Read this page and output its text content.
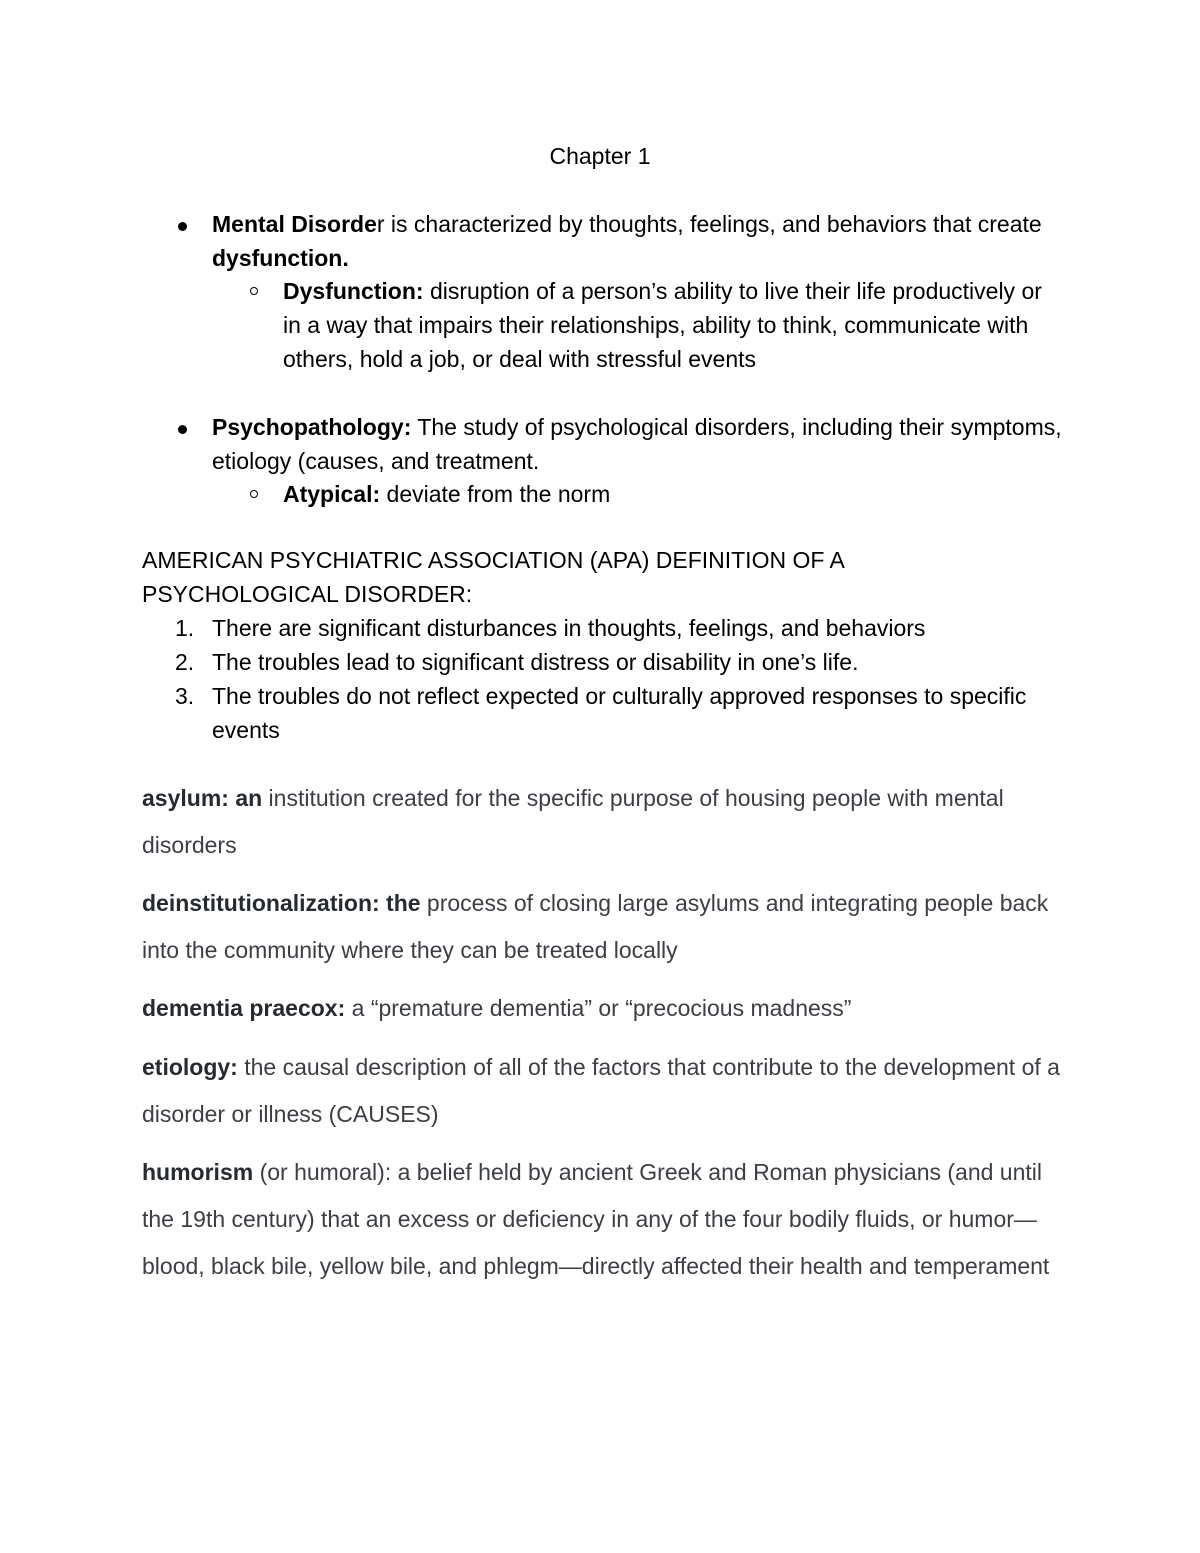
Chapter 1
Mental Disorder is characterized by thoughts, feelings, and behaviors that create dysfunction.
Dysfunction: disruption of a person’s ability to live their life productively or in a way that impairs their relationships, ability to think, communicate with others, hold a job, or deal with stressful events
Psychopathology: The study of psychological disorders, including their symptoms, etiology (causes, and treatment.
Atypical: deviate from the norm
AMERICAN PSYCHIATRIC ASSOCIATION (APA) DEFINITION OF A PSYCHOLOGICAL DISORDER:
1. There are significant disturbances in thoughts, feelings, and behaviors
2. The troubles lead to significant distress or disability in one’s life.
3. The troubles do not reflect expected or culturally approved responses to specific events
asylum: an institution created for the specific purpose of housing people with mental disorders
deinstitutionalization: the process of closing large asylums and integrating people back into the community where they can be treated locally
dementia praecox: a “premature dementia” or “precocious madness”
etiology: the causal description of all of the factors that contribute to the development of a disorder or illness (CAUSES)
humorism (or humoral): a belief held by ancient Greek and Roman physicians (and until the 19th century) that an excess or deficiency in any of the four bodily fluids, or humor—blood, black bile, yellow bile, and phlegm—directly affected their health and temperament
